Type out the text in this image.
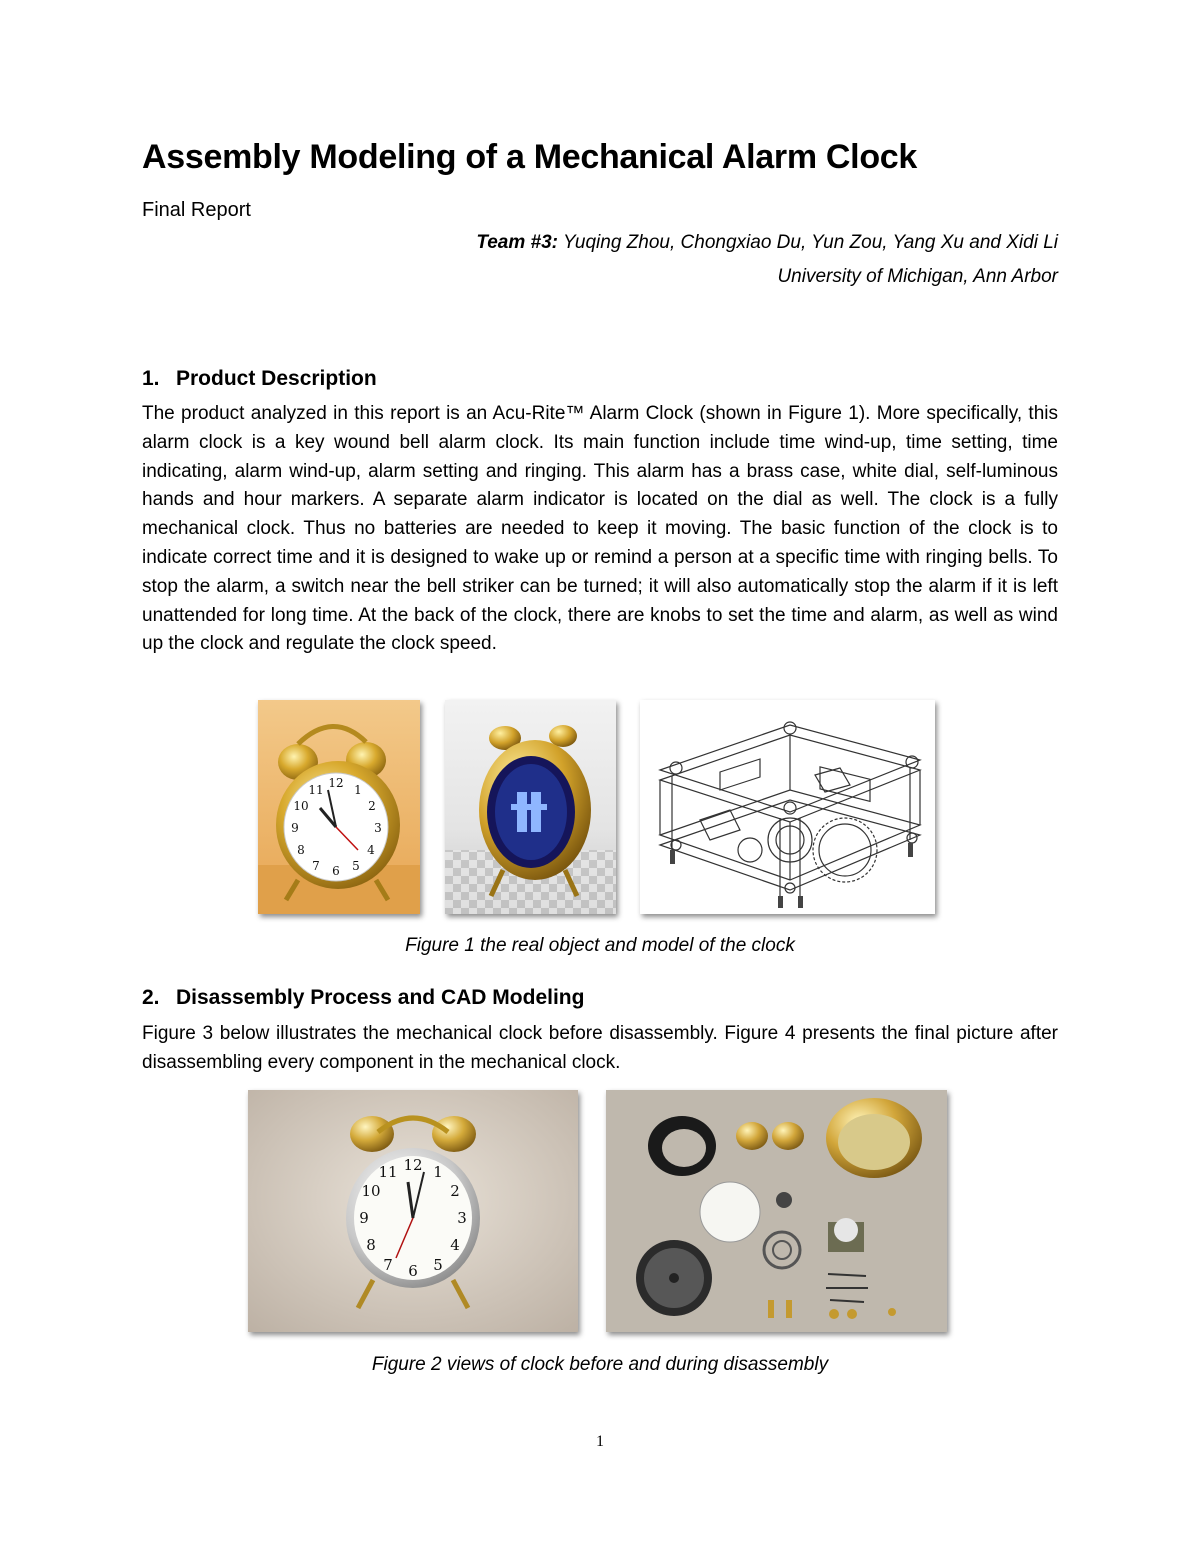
Assembly Modeling of a Mechanical Alarm Clock
Final Report
Team #3: Yuqing Zhou, Chongxiao Du, Yun Zou, Yang Xu and Xidi Li
University of Michigan, Ann Arbor
1. Product Description
The product analyzed in this report is an Acu-Rite™ Alarm Clock (shown in Figure 1). More specifically, this alarm clock is a key wound bell alarm clock. Its main function include time wind-up, time setting, time indicating, alarm wind-up, alarm setting and ringing. This alarm has a brass case, white dial, self-luminous hands and hour markers. A separate alarm indicator is located on the dial as well. The clock is a fully mechanical clock. Thus no batteries are needed to keep it moving. The basic function of the clock is to indicate correct time and it is designed to wake up or remind a person at a specific time with ringing bells. To stop the alarm, a switch near the bell striker can be turned; it will also automatically stop the alarm if it is left unattended for long time. At the back of the clock, there are knobs to set the time and alarm, as well as wind up the clock and regulate the clock speed.
12 1
2
3
4
5
6
7
8
9
10
11
Figure 1 the real object and model of the clock
2. Disassembly Process and CAD Modeling
Figure 3 below illustrates the mechanical clock before disassembly. Figure 4 presents the final picture after disassembling every component in the mechanical clock.
12 1
2
3
4
5
6
7
8
9
10
11
Figure 2 views of clock before and during disassembly
1
